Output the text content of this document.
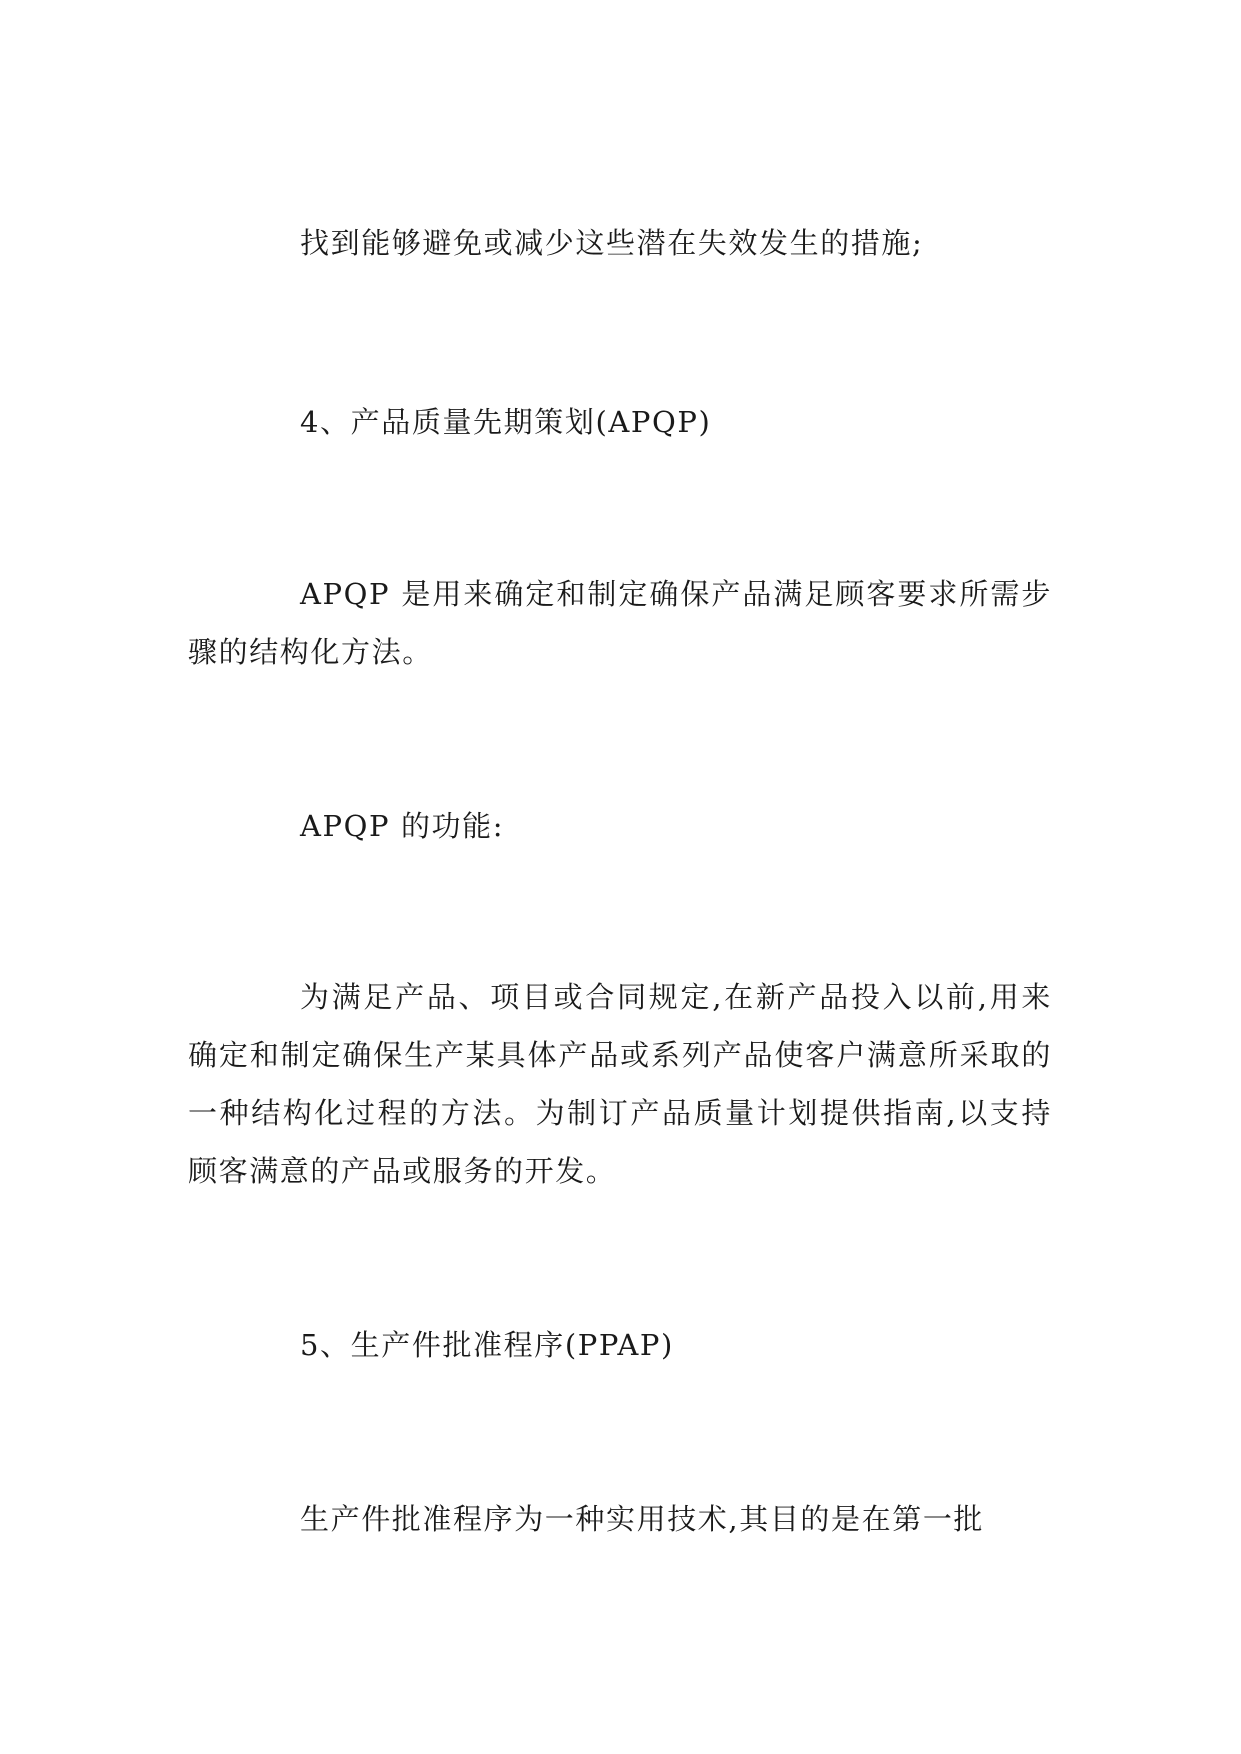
找到能够避免或减少这些潜在失效发生的措施;

4、产品质量先期策划(APQP)

APQP 是用来确定和制定确保产品满足顾客要求所需步骤的结构化方法。

APQP 的功能:

为满足产品、项目或合同规定,在新产品投入以前,用来确定和制定确保生产某具体产品或系列产品使客户满意所采取的一种结构化过程的方法。为制订产品质量计划提供指南,以支持顾客满意的产品或服务的开发。

5、生产件批准程序(PPAP)

生产件批准程序为一种实用技术,其目的是在第一批
